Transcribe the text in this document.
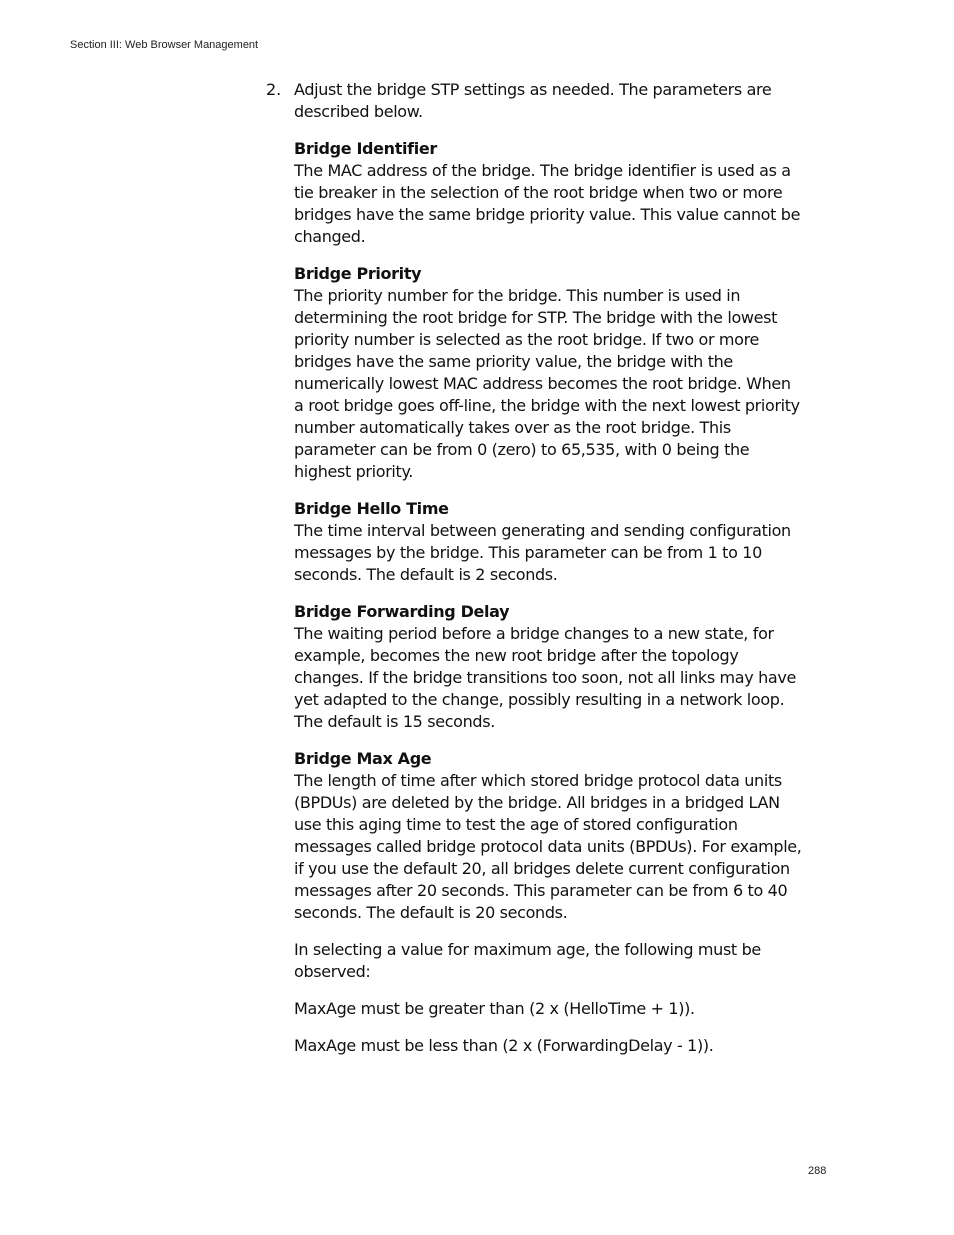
Section III: Web Browser Management
2. Adjust the bridge STP settings as needed. The parameters are described below.

Bridge Identifier
The MAC address of the bridge. The bridge identifier is used as a tie breaker in the selection of the root bridge when two or more bridges have the same bridge priority value. This value cannot be changed.
Bridge Priority
The priority number for the bridge. This number is used in determining the root bridge for STP. The bridge with the lowest priority number is selected as the root bridge. If two or more bridges have the same priority value, the bridge with the numerically lowest MAC address becomes the root bridge. When a root bridge goes off-line, the bridge with the next lowest priority number automatically takes over as the root bridge. This parameter can be from 0 (zero) to 65,535, with 0 being the highest priority.
Bridge Hello Time
The time interval between generating and sending configuration messages by the bridge. This parameter can be from 1 to 10 seconds. The default is 2 seconds.
Bridge Forwarding Delay
The waiting period before a bridge changes to a new state, for example, becomes the new root bridge after the topology changes. If the bridge transitions too soon, not all links may have yet adapted to the change, possibly resulting in a network loop. The default is 15 seconds.
Bridge Max Age
The length of time after which stored bridge protocol data units (BPDUs) are deleted by the bridge. All bridges in a bridged LAN use this aging time to test the age of stored configuration messages called bridge protocol data units (BPDUs). For example, if you use the default 20, all bridges delete current configuration messages after 20 seconds. This parameter can be from 6 to 40 seconds. The default is 20 seconds.

In selecting a value for maximum age, the following must be observed:

MaxAge must be greater than (2 x (HelloTime + 1)).

MaxAge must be less than (2 x (ForwardingDelay - 1)).

288
